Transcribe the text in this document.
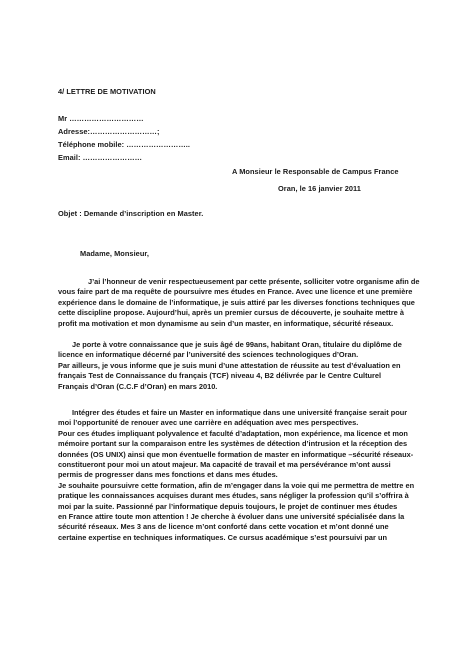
4/ LETTRE DE MOTIVATION
Mr …………………………
Adresse:………………………;
Téléphone mobile: ……………………..
Email: ……………………
A Monsieur le Responsable de Campus France
Oran, le 16 janvier 2011
Objet : Demande d’inscription en Master.
Madame, Monsieur,
J’ai l’honneur de venir respectueusement par cette présente, solliciter votre organisme afin de
vous faire part de ma requête de poursuivre mes études en France. Avec une licence et une première
expérience dans le domaine de l’informatique, je suis attiré par les diverses fonctions techniques que
cette discipline propose. Aujourd’hui, après un premier cursus de découverte, je souhaite mettre à
profit ma motivation et mon dynamisme au sein d’un master, en informatique, sécurité réseaux.
Je porte à votre connaissance que je suis âgé de 99ans, habitant Oran, titulaire du diplôme de
licence en informatique décerné par l’université des sciences technologiques d’Oran.
Par ailleurs, je vous informe que je suis muni d’une attestation de réussite au test d’évaluation en
français Test de Connaissance du français (TCF) niveau 4, B2 délivrée par le Centre Culturel
Français d’Oran (C.C.F d’Oran) en mars 2010.
Intégrer des études et faire un Master en informatique dans une université française serait pour
moi l’opportunité de renouer avec une carrière en adéquation avec mes perspectives.
Pour ces études impliquant polyvalence et faculté d’adaptation, mon expérience, ma licence et mon
mémoire portant sur la comparaison entre les systèmes de détection d’intrusion et la réception des
données (OS UNIX) ainsi que mon éventuelle formation de master en informatique –sécurité réseaux-
constitueront pour moi un atout majeur. Ma capacité de travail et ma persévérance m’ont aussi
permis de progresser dans mes fonctions et dans mes études.
Je souhaite poursuivre cette formation, afin de m’engager dans la voie qui me permettra de mettre en
pratique les connaissances acquises durant mes études, sans négliger la profession qu’il s’offrira à
moi par la suite. Passionné par l’informatique depuis toujours, le projet de continuer mes études
en France attire toute mon attention ! Je cherche à évoluer dans une université spécialisée dans la
sécurité réseaux. Mes 3 ans de licence m’ont conforté dans cette vocation et m’ont donné une
certaine expertise en techniques informatiques. Ce cursus académique s’est poursuivi par un
